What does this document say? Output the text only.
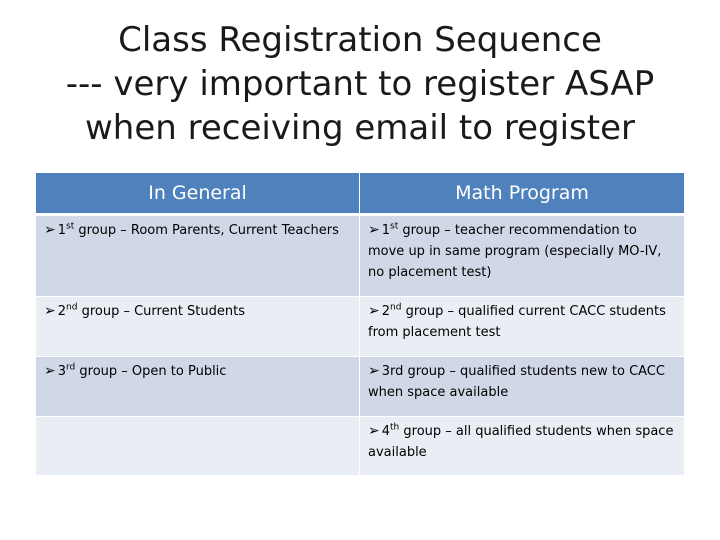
Class Registration Sequence
--- very important to register ASAP
when receiving email to register
In General	Math Program
➢ 1st group – Room Parents, Current Teachers	➢ 1st group – teacher recommendation to move up in same program (especially MO-IV, no placement test)
➢ 2nd group – Current Students	➢ 2nd group – qualified current CACC students from placement test
➢ 3rd group – Open to Public	➢ 3rd group – qualified students new to CACC when space available
	➢ 4th group – all qualified students when space available
